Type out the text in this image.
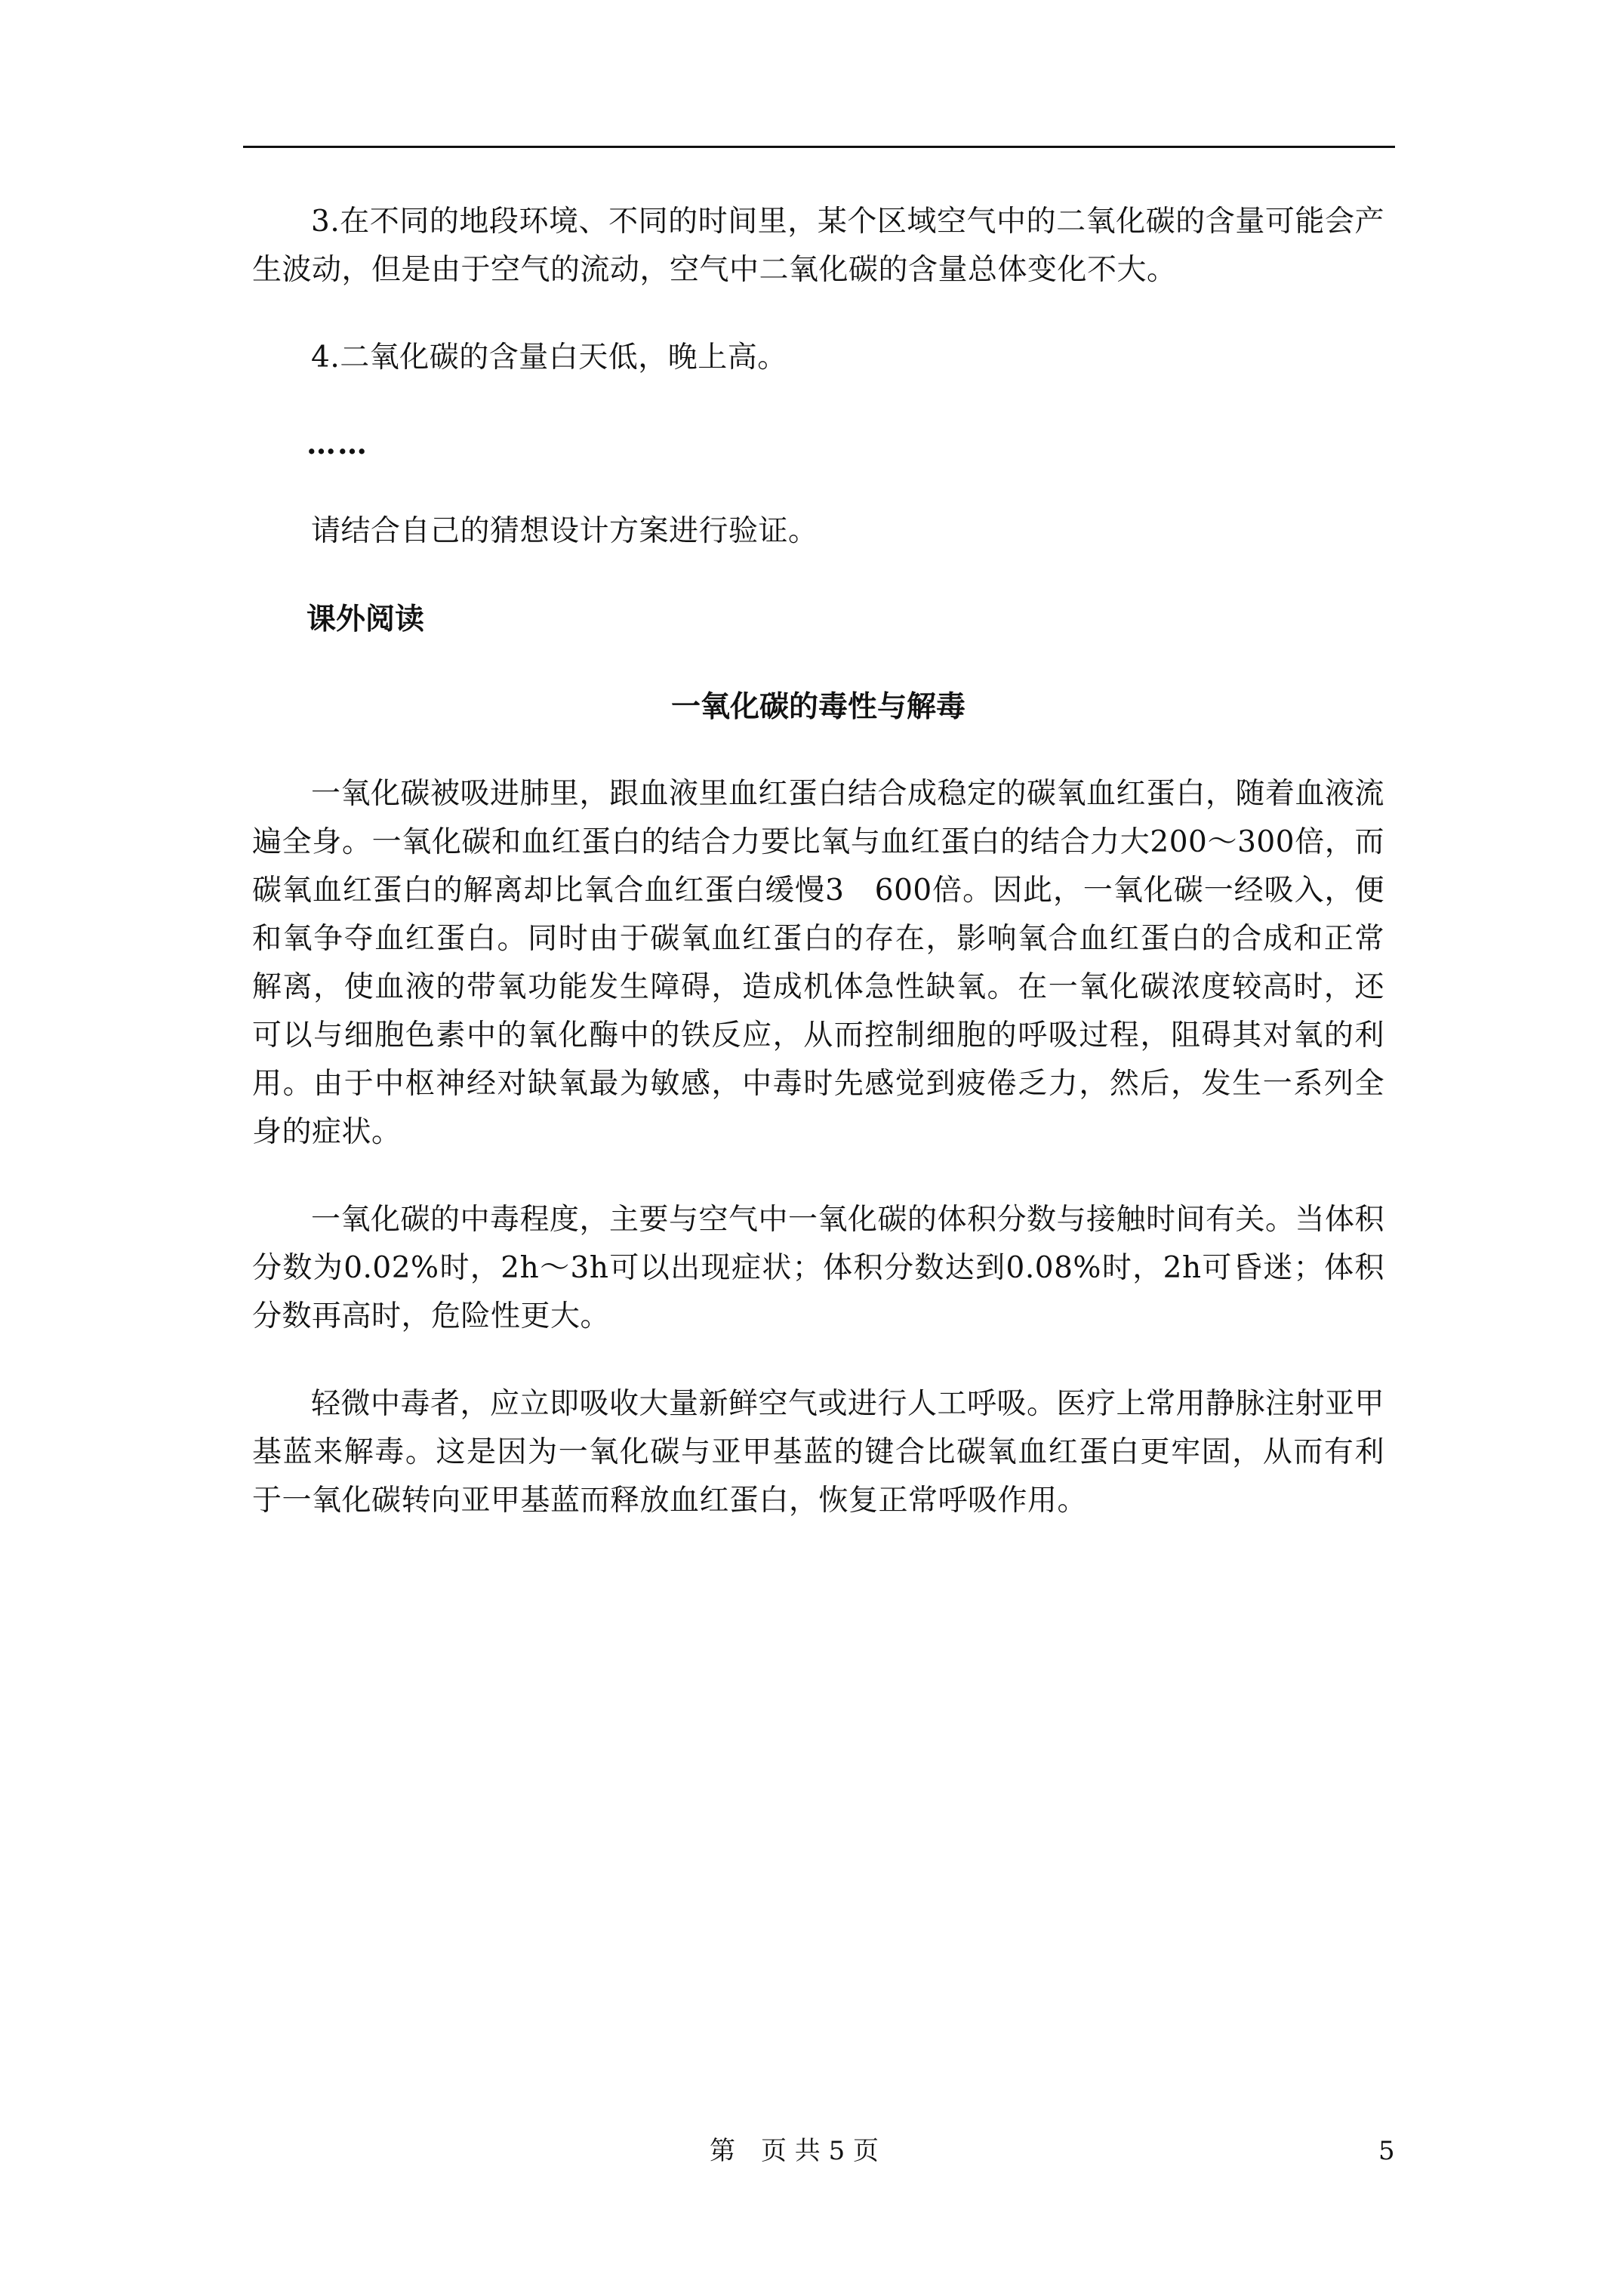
3.在不同的地段环境、不同的时间里，某个区域空气中的二氧化碳的含量可能会产生波动，但是由于空气的流动，空气中二氧化碳的含量总体变化不大。

4.二氧化碳的含量白天低，晚上高。

……

请结合自己的猜想设计方案进行验证。

课外阅读

一氧化碳的毒性与解毒

一氧化碳被吸进肺里，跟血液里血红蛋白结合成稳定的碳氧血红蛋白，随着血液流遍全身。一氧化碳和血红蛋白的结合力要比氧与血红蛋白的结合力大200～300倍，而碳氧血红蛋白的解离却比氧合血红蛋白缓慢3　600倍。因此，一氧化碳一经吸入，便和氧争夺血红蛋白。同时由于碳氧血红蛋白的存在，影响氧合血红蛋白的合成和正常解离，使血液的带氧功能发生障碍，造成机体急性缺氧。在一氧化碳浓度较高时，还可以与细胞色素中的氧化酶中的铁反应，从而控制细胞的呼吸过程，阻碍其对氧的利用。由于中枢神经对缺氧最为敏感，中毒时先感觉到疲倦乏力，然后，发生一系列全身的症状。

一氧化碳的中毒程度，主要与空气中一氧化碳的体积分数与接触时间有关。当体积分数为0.02%时，2h～3h可以出现症状；体积分数达到0.08%时，2h可昏迷；体积分数再高时，危险性更大。

轻微中毒者，应立即吸收大量新鲜空气或进行人工呼吸。医疗上常用静脉注射亚甲基蓝来解毒。这是因为一氧化碳与亚甲基蓝的键合比碳氧血红蛋白更牢固，从而有利于一氧化碳转向亚甲基蓝而释放血红蛋白，恢复正常呼吸作用。

第　页 共 5 页	5
